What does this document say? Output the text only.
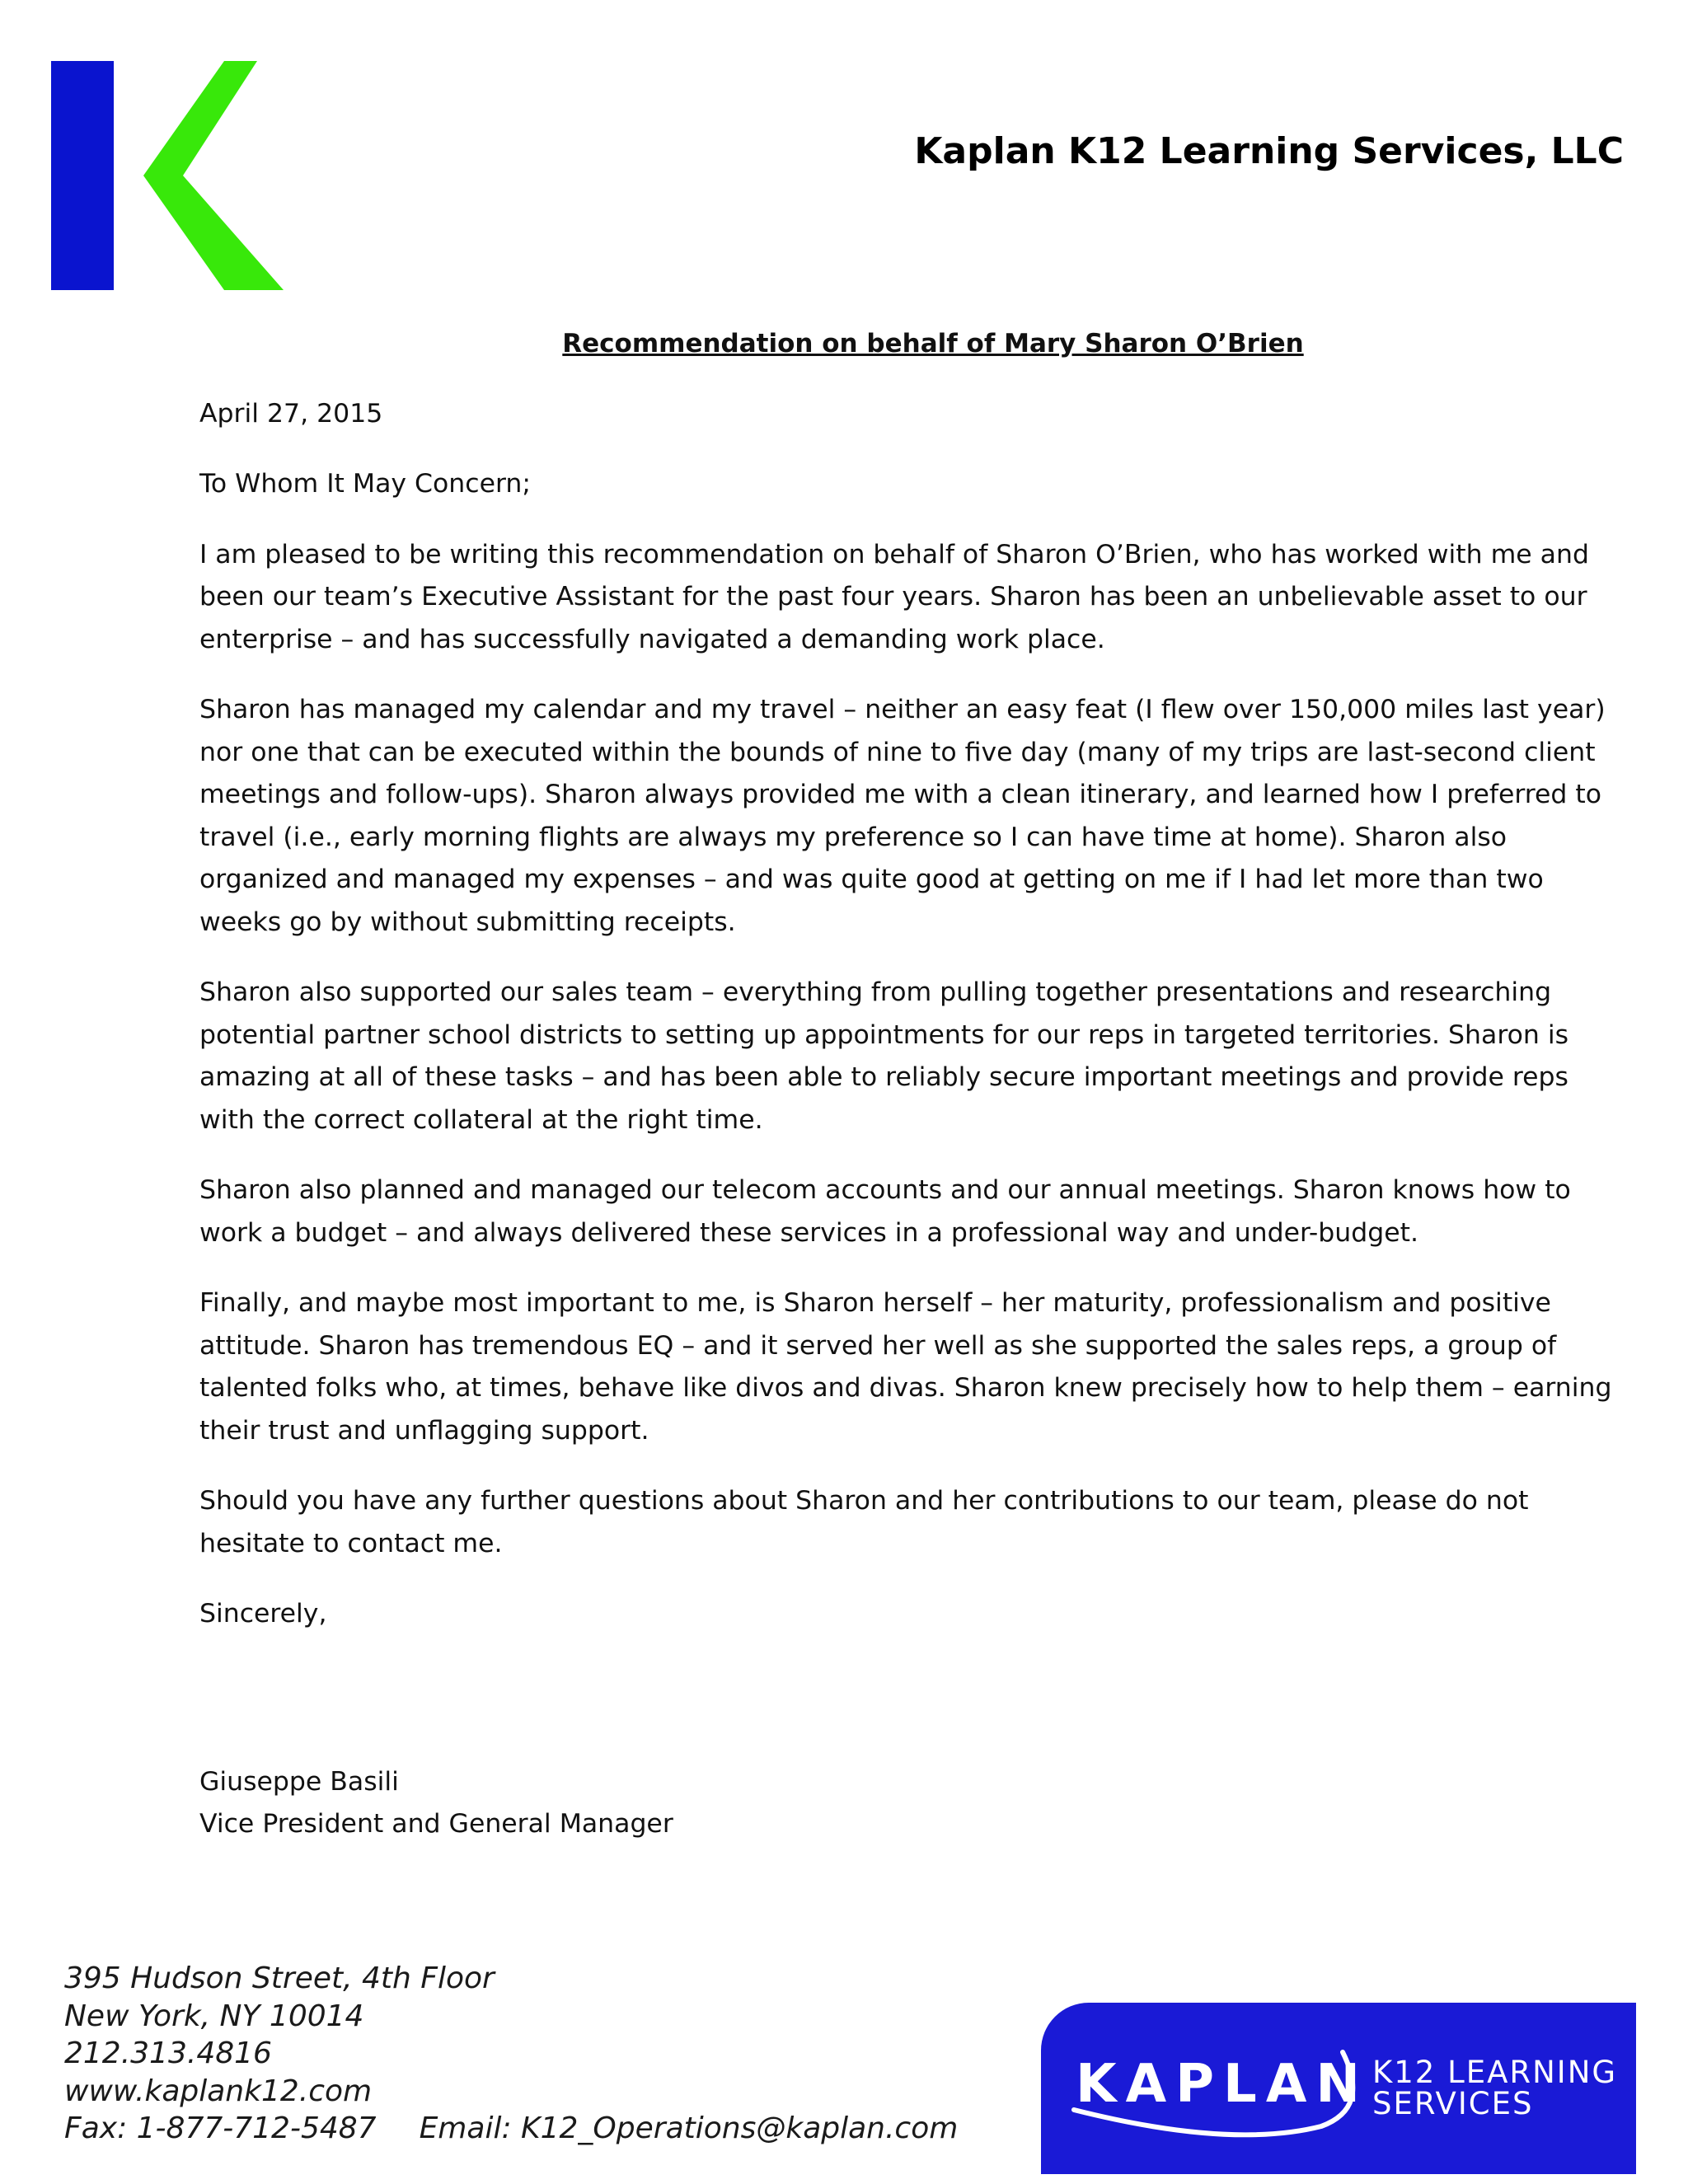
Kaplan K12 Learning Services, LLC
Recommendation on behalf of Mary Sharon O’Brien

April 27, 2015

To Whom It May Concern;

I am pleased to be writing this recommendation on behalf of Sharon O’Brien, who has worked with me and been our team’s Executive Assistant for the past four years. Sharon has been an unbelievable asset to our enterprise – and has successfully navigated a demanding work place.

Sharon has managed my calendar and my travel – neither an easy feat (I flew over 150,000 miles last year) nor one that can be executed within the bounds of nine to five day (many of my trips are last-second client meetings and follow-ups). Sharon always provided me with a clean itinerary, and learned how I preferred to travel (i.e., early morning flights are always my preference so I can have time at home). Sharon also organized and managed my expenses – and was quite good at getting on me if I had let more than two weeks go by without submitting receipts.

Sharon also supported our sales team – everything from pulling together presentations and researching potential partner school districts to setting up appointments for our reps in targeted territories. Sharon is amazing at all of these tasks – and has been able to reliably secure important meetings and provide reps with the correct collateral at the right time.

Sharon also planned and managed our telecom accounts and our annual meetings. Sharon knows how to work a budget – and always delivered these services in a professional way and under-budget.

Finally, and maybe most important to me, is Sharon herself – her maturity, professionalism and positive attitude. Sharon has tremendous EQ – and it served her well as she supported the sales reps, a group of talented folks who, at times, behave like divos and divas. Sharon knew precisely how to help them – earning their trust and unflagging support.

Should you have any further questions about Sharon and her contributions to our team, please do not hesitate to contact me.

Sincerely,

Giuseppe Basili
Vice President and General Manager
395 Hudson Street, 4th Floor
New York, NY 10014
212.313.4816
www.kaplank12.com
Fax: 1-877-712-5487 Email: K12_Operations@kaplan.com
KAPLAN K12 LEARNING
SERVICES
